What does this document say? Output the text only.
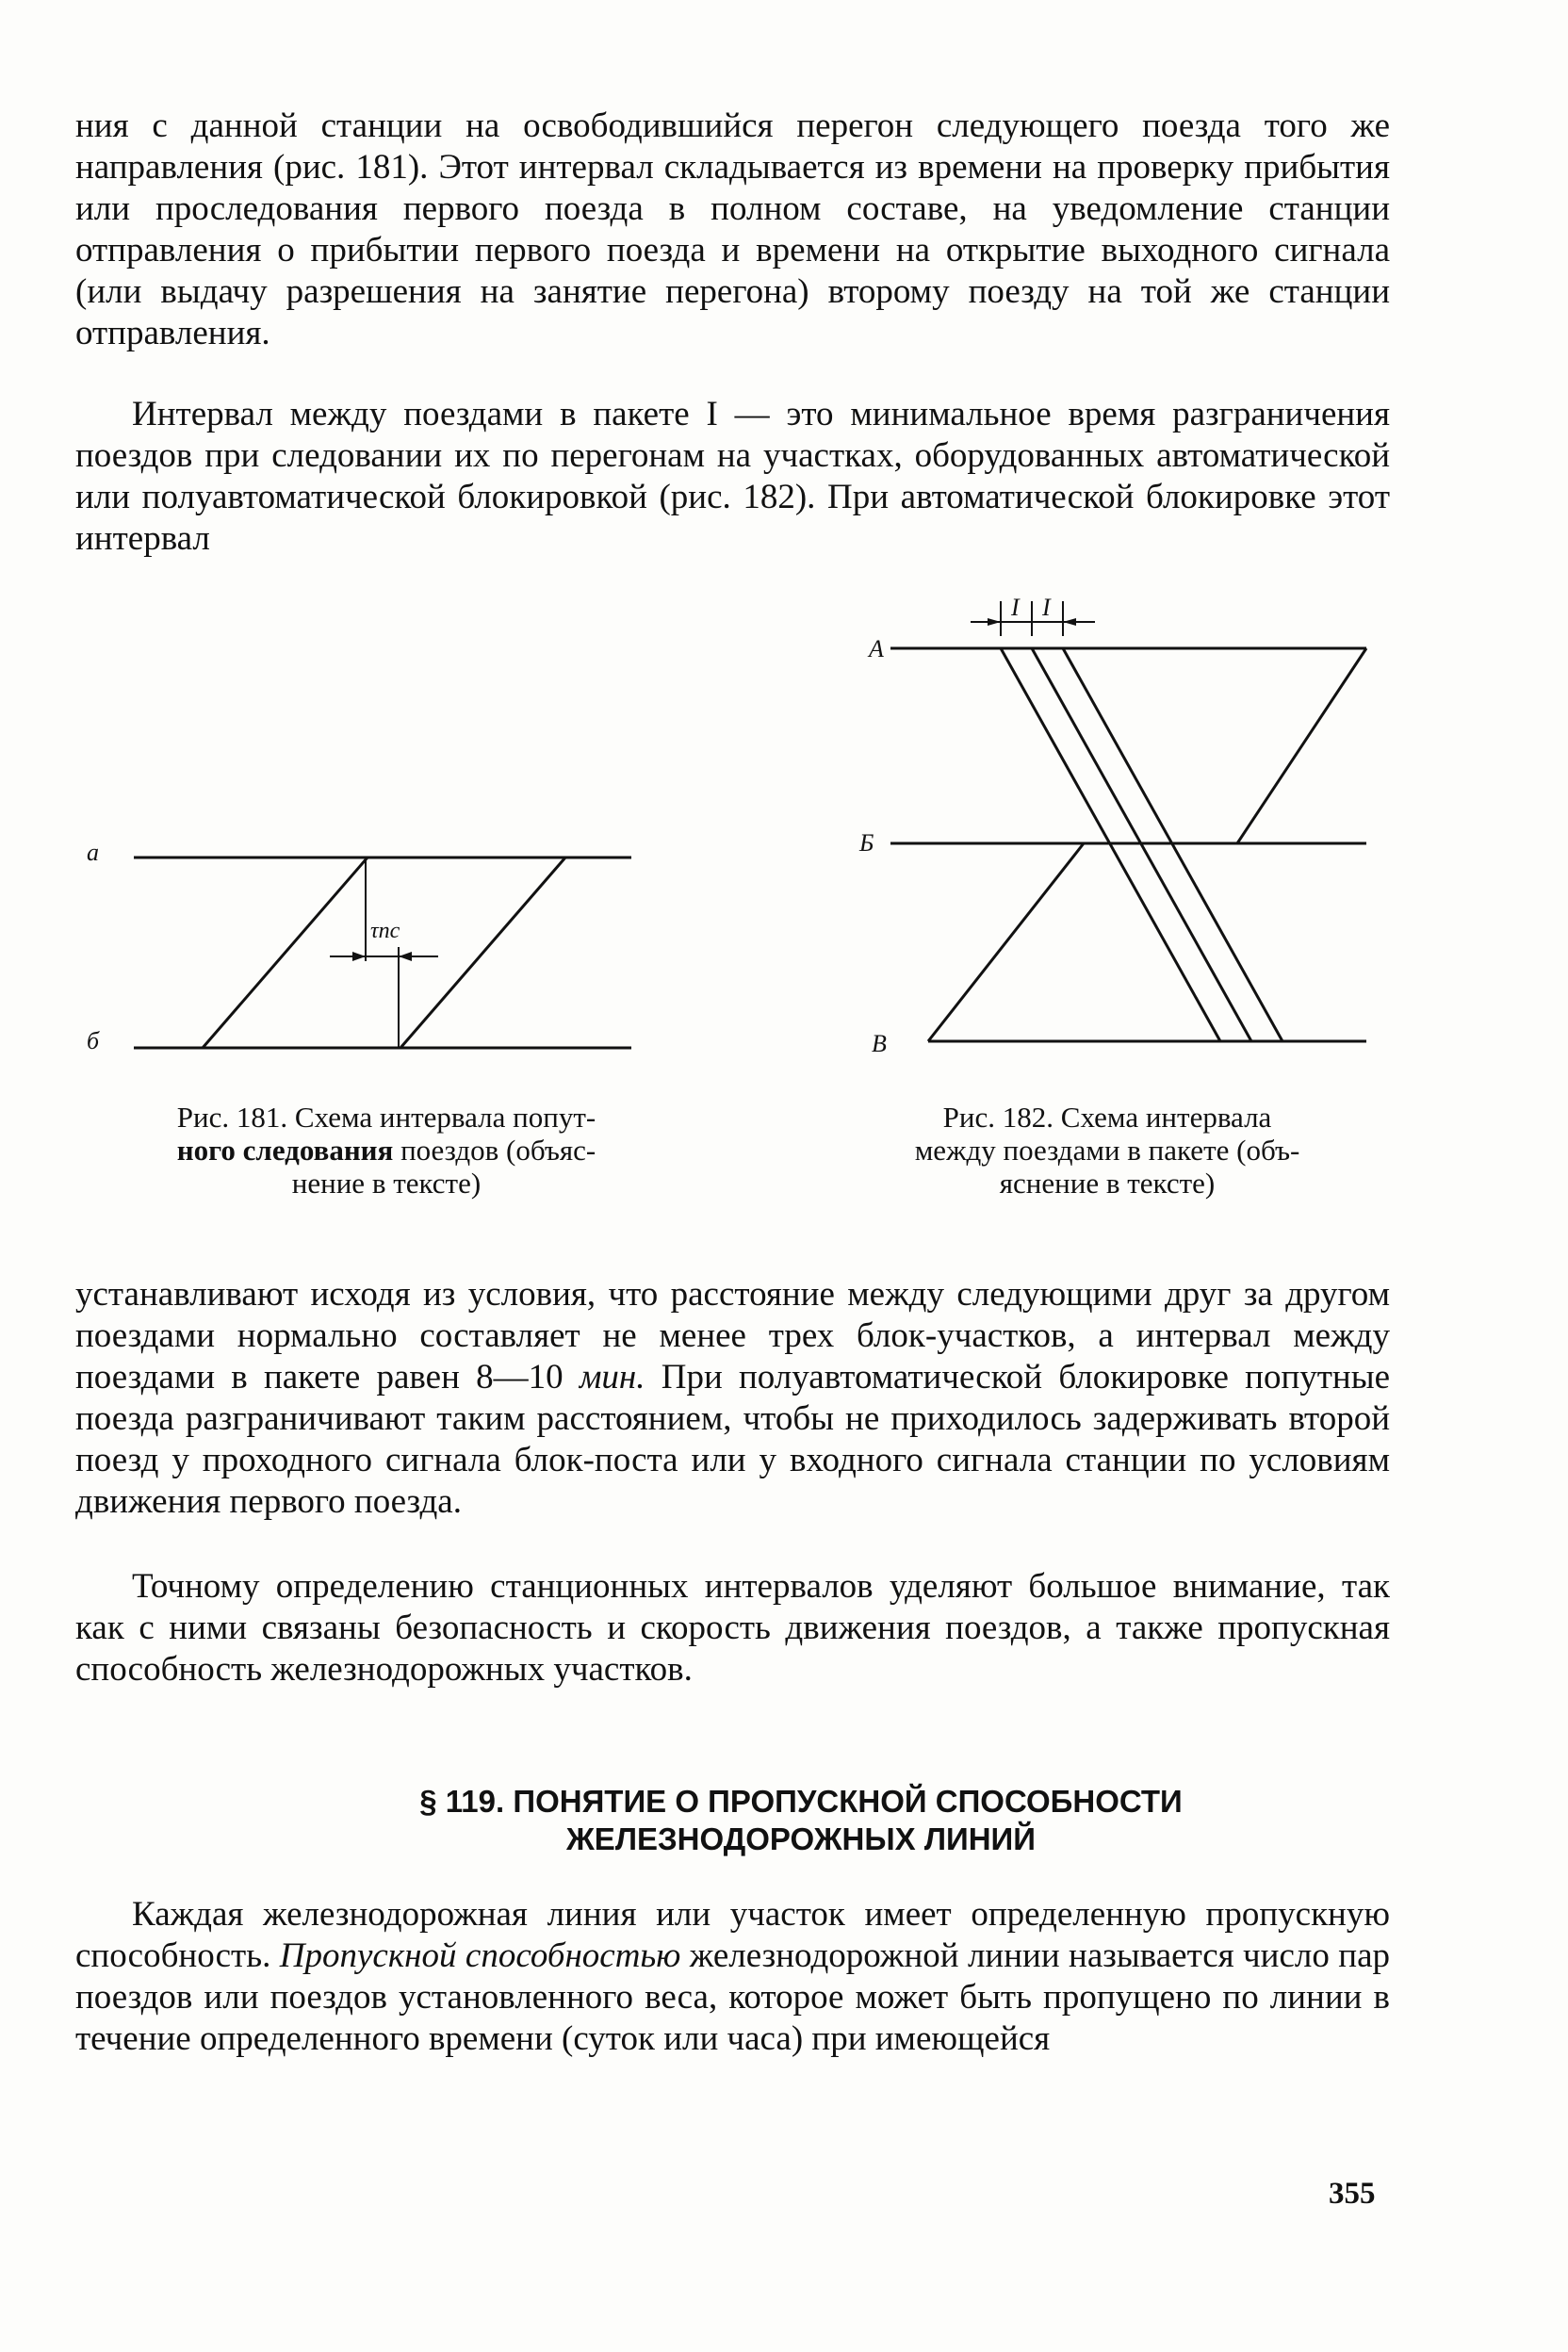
ния с данной станции на освободившийся перегон следующего поезда того же направления (рис. 181). Этот интервал складывается из времени на проверку прибытия или проследования первого поезда в полном составе, на уведомление станции отправления о прибытии первого поезда и времени на открытие выходного сигнала (или выдачу разрешения на занятие перегона) второму поезду на той же станции отправления.

Интервал между поездами в пакете I — это минимальное время разграничения поездов при следовании их по перегонам на участках, оборудованных автоматической или полуавтоматической блокировкой (рис. 182). При автоматической блокировке этот интервал

а
б
τпс
Рис. 181. Схема интервала попут-
ного следования поездов (объяс-
нение в тексте)
А
Б
В
I I
Рис. 182. Схема интервала
между поездами в пакете (объ-
яснение в тексте)

устанавливают исходя из условия, что расстояние между следующими друг за другом поездами нормально составляет не менее трех блок-участков, а интервал между поездами в пакете равен 8—10 мин. При полуавтоматической блокировке попутные поезда разграничивают таким расстоянием, чтобы не приходилось задерживать второй поезд у проходного сигнала блок-поста или у входного сигнала станции по условиям движения первого поезда.

Точному определению станционных интервалов уделяют большое внимание, так как с ними связаны безопасность и скорость движения поездов, а также пропускная способность железнодорожных участков.

§ 119. ПОНЯТИЕ О ПРОПУСКНОЙ СПОСОБНОСТИ
ЖЕЛЕЗНОДОРОЖНЫХ ЛИНИЙ

Каждая железнодорожная линия или участок имеет определенную пропускную способность. Пропускной способностью железнодорожной линии называется число пар поездов или поездов установленного веса, которое может быть пропущено по линии в течение определенного времени (суток или часа) при имеющейся

355
